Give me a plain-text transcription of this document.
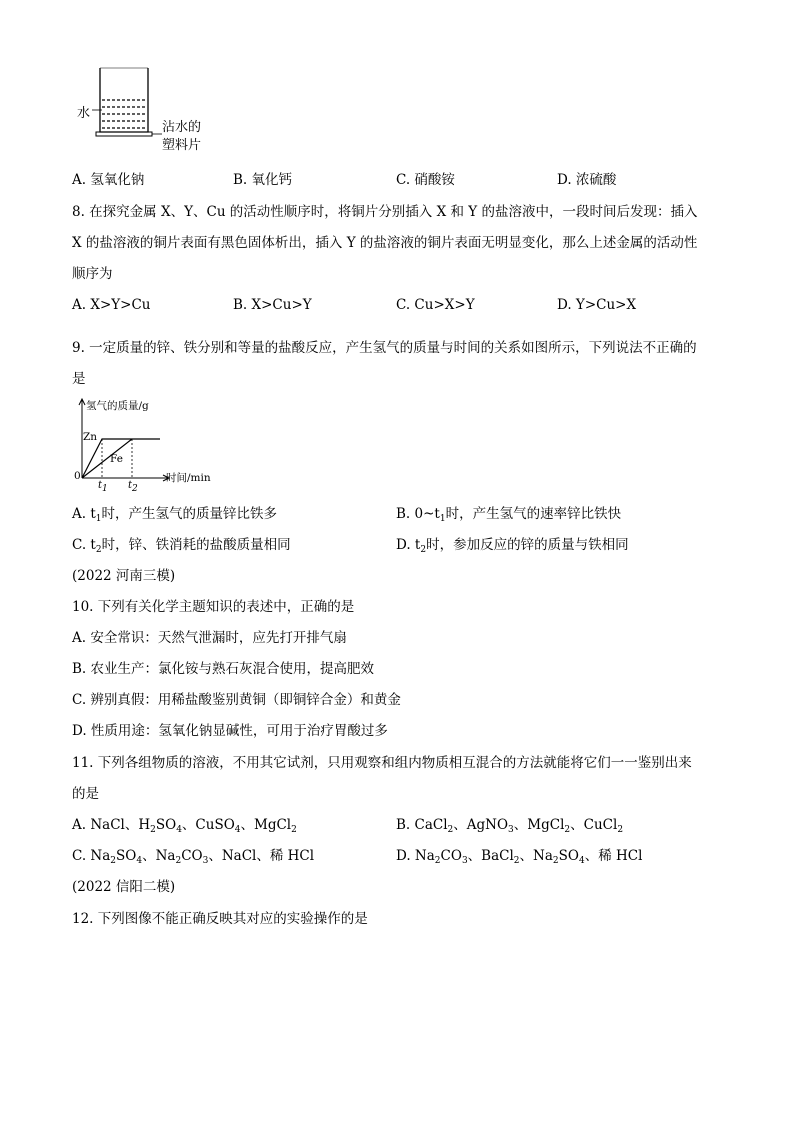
水
沾水的
塑料片
A. 氢氧化钠	B. 氧化钙	C. 硝酸铵	D. 浓硫酸
8. 在探究金属 X、Y、Cu 的活动性顺序时，将铜片分别插入 X 和 Y 的盐溶液中，一段时间后发现：插入
X 的盐溶液的铜片表面有黑色固体析出，插入 Y 的盐溶液的铜片表面无明显变化，那么上述金属的活动性
顺序为
A. X>Y>Cu	B. X>Cu>Y	C. Cu>X>Y	D. Y>Cu>X
9. 一定质量的锌、铁分别和等量的盐酸反应，产生氢气的质量与时间的关系如图所示，下列说法不正确的
是
氢气的质量/g
Zn
Fe
0	时间/min
$t_1$ $t_2$
A. $t_1$时，产生氢气的质量锌比铁多	B. $0\sim t_1$时，产生氢气的速率锌比铁快
C. $t_2$时，锌、铁消耗的盐酸质量相同	D. $t_2$时，参加反应的锌的质量与铁相同
(2022 河南三模)
10. 下列有关化学主题知识的表述中，正确的是
A. 安全常识：天然气泄漏时，应先打开排气扇
B. 农业生产：氯化铵与熟石灰混合使用，提高肥效
C. 辨别真假：用稀盐酸鉴别黄铜（即铜锌合金）和黄金
D. 性质用途：氢氧化钠显碱性，可用于治疗胃酸过多
11. 下列各组物质的溶液，不用其它试剂，只用观察和组内物质相互混合的方法就能将它们一一鉴别出来
的是
A. NaCl、$H_2SO_4$、CuSO$_4$、MgCl$_2$	B. CaCl$_2$、AgNO$_3$、MgCl$_2$、CuCl$_2$
C. $Na_2SO_4$、$Na_2CO_3$、NaCl、稀 HCl	D. $Na_2CO_3$、BaCl$_2$、$Na_2SO_4$、稀 HCl
(2022 信阳二模)
12. 下列图像不能正确反映其对应的实验操作的是
